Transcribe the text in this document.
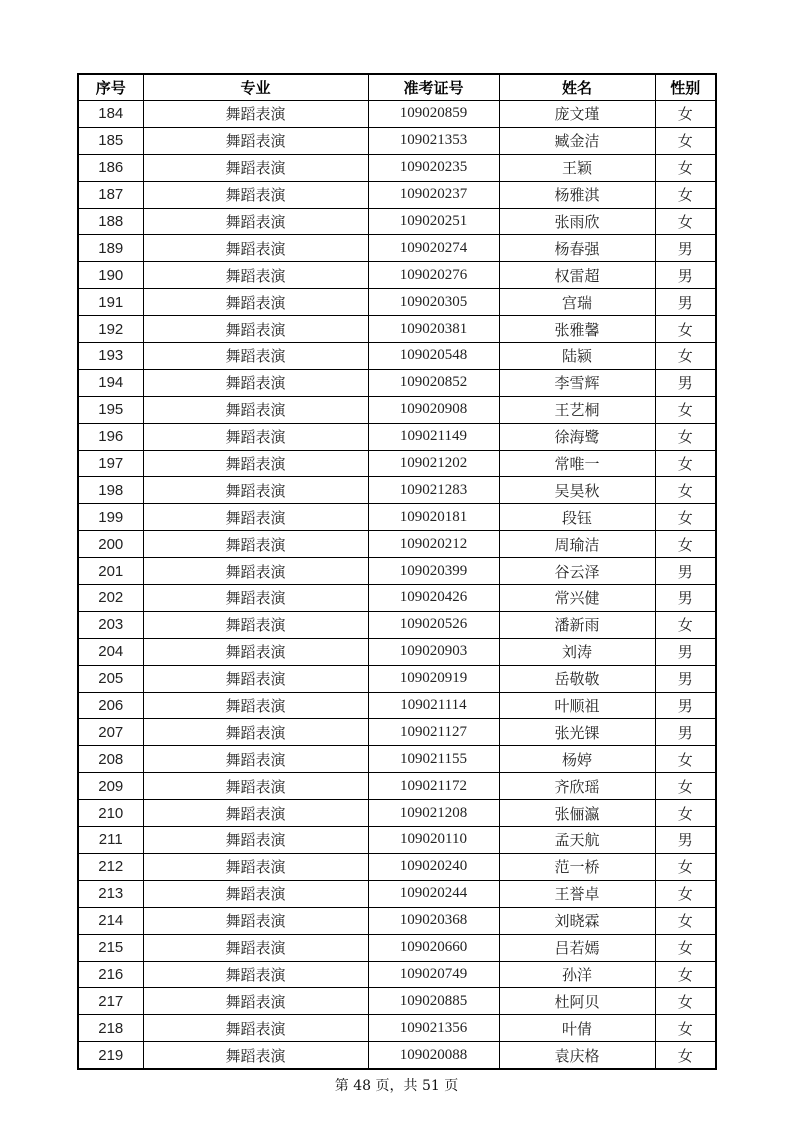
序号	专业	准考证号	姓名	性别
184	舞蹈表演	109020859	庞文瑾	女
185	舞蹈表演	109021353	臧金洁	女
186	舞蹈表演	109020235	王颖	女
187	舞蹈表演	109020237	杨雅淇	女
188	舞蹈表演	109020251	张雨欣	女
189	舞蹈表演	109020274	杨春强	男
190	舞蹈表演	109020276	权雷超	男
191	舞蹈表演	109020305	宫瑞	男
192	舞蹈表演	109020381	张雅馨	女
193	舞蹈表演	109020548	陆颍	女
194	舞蹈表演	109020852	李雪辉	男
195	舞蹈表演	109020908	王艺桐	女
196	舞蹈表演	109021149	徐海鹭	女
197	舞蹈表演	109021202	常唯一	女
198	舞蹈表演	109021283	吴昊秋	女
199	舞蹈表演	109020181	段钰	女
200	舞蹈表演	109020212	周瑜洁	女
201	舞蹈表演	109020399	谷云泽	男
202	舞蹈表演	109020426	常兴健	男
203	舞蹈表演	109020526	潘新雨	女
204	舞蹈表演	109020903	刘涛	男
205	舞蹈表演	109020919	岳敬敬	男
206	舞蹈表演	109021114	叶顺祖	男
207	舞蹈表演	109021127	张光锞	男
208	舞蹈表演	109021155	杨婷	女
209	舞蹈表演	109021172	齐欣瑶	女
210	舞蹈表演	109021208	张俪瀛	女
211	舞蹈表演	109020110	孟天航	男
212	舞蹈表演	109020240	范一桥	女
213	舞蹈表演	109020244	王誉卓	女
214	舞蹈表演	109020368	刘晓霖	女
215	舞蹈表演	109020660	吕若嫣	女
216	舞蹈表演	109020749	孙洋	女
217	舞蹈表演	109020885	杜阿贝	女
218	舞蹈表演	109021356	叶倩	女
219	舞蹈表演	109020088	袁庆格	女
第 48 页，共 51 页
